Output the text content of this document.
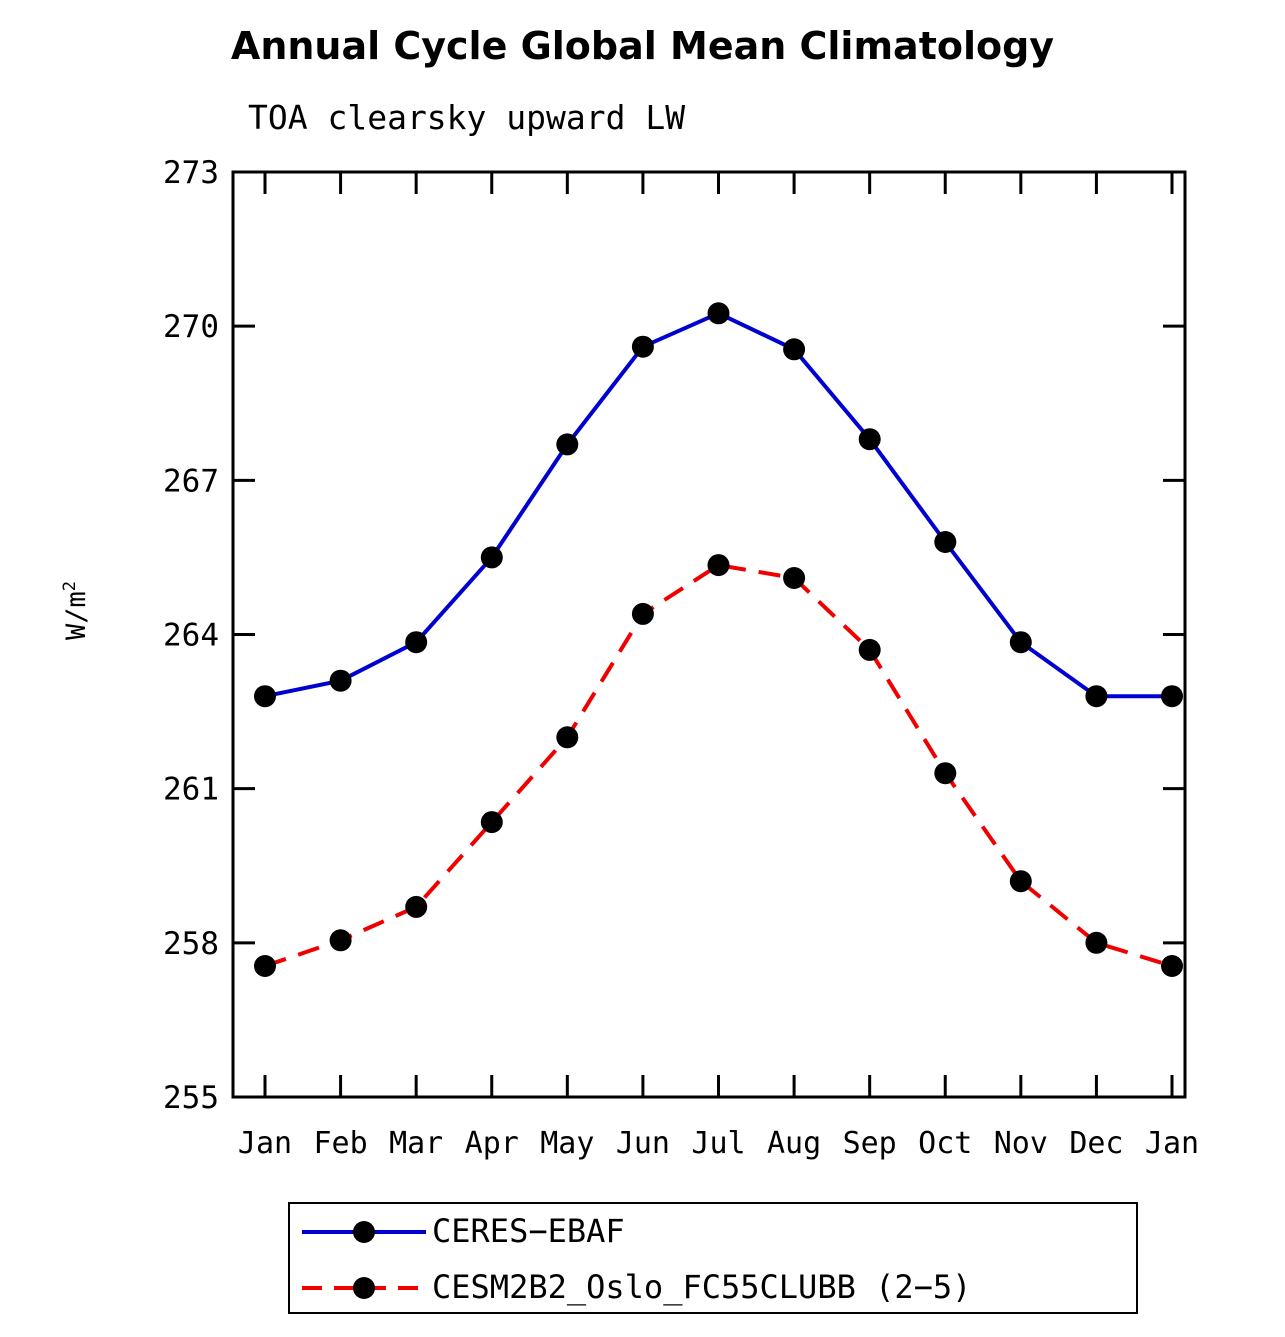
Annual Cycle Global Mean Climatology
TOA clearsky upward LW
$W/m^2$
255
258
261
264
267
270
273
Jan Feb Mar Apr May Jun Jul Aug Sep Oct Nov Dec Jan
CERES−EBAF
CESM2B2_Oslo_FC55CLUBB (2−5)
